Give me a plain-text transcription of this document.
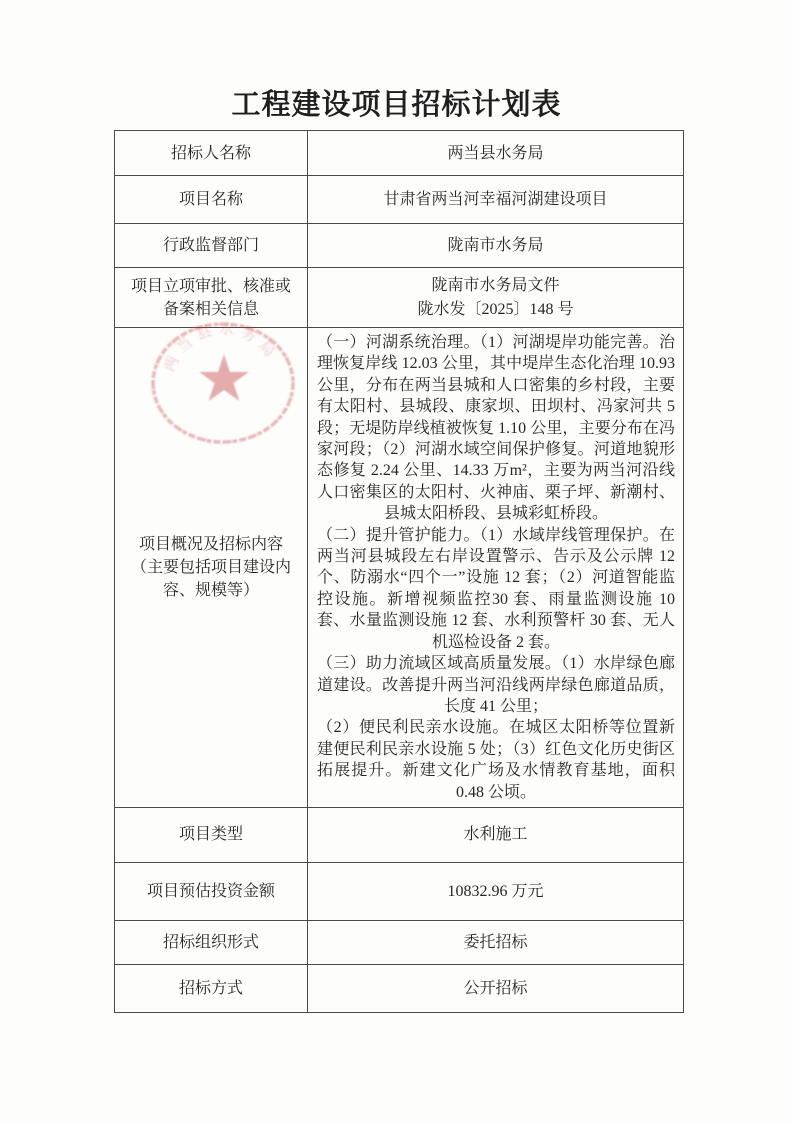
工程建设项目招标计划表
招标人名称	两当县水务局
项目名称	甘肃省两当河幸福河湖建设项目
行政监督部门	陇南市水务局
项目立项审批、核准或备案相关信息	陇南市水务局文件
陇水发〔2025〕148 号

项目概况及招标内容（主要包括项目建设内容、规模等）	（一）河湖系统治理。（1）河湖堤岸功能完善。治理恢复岸线 12.03 公里，其中堤岸生态化治理 10.93 公里，分布在两当县城和人口密集的乡村段，主要有太阳村、县城段、康家坝、田坝村、冯家河共 5 段；无堤防岸线植被恢复 1.10 公里，主要分布在冯家河段；（2）河湖水域空间保护修复。河道地貌形态修复 2.24 公里、14.33 万m²，主要为两当河沿线人口密集区的太阳村、火神庙、栗子坪、新潮村、县城太阳桥段、县城彩虹桥段。

（二）提升管护能力。（1）水域岸线管理保护。在两当河县城段左右岸设置警示、告示及公示牌 12 个、防溺水“四个一”设施 12 套；（2）河道智能监控设施。新增视频监控30 套、雨量监测设施 10 套、水量监测设施 12 套、水利预警杆 30 套、无人机巡检设备 2 套。

（三）助力流域区域高质量发展。（1）水岸绿色廊道建设。改善提升两当河沿线两岸绿色廊道品质，长度 41 公里；

（2）便民利民亲水设施。在城区太阳桥等位置新建便民利民亲水设施 5 处；（3）红色文化历史街区拓展提升。新建文化广场及水情教育基地，面积 0.48 公顷。

项目类型	水利施工
项目预估投资金额	10832.96 万元
招标组织形式	委托招标
招标方式	公开招标
两当县水务局
